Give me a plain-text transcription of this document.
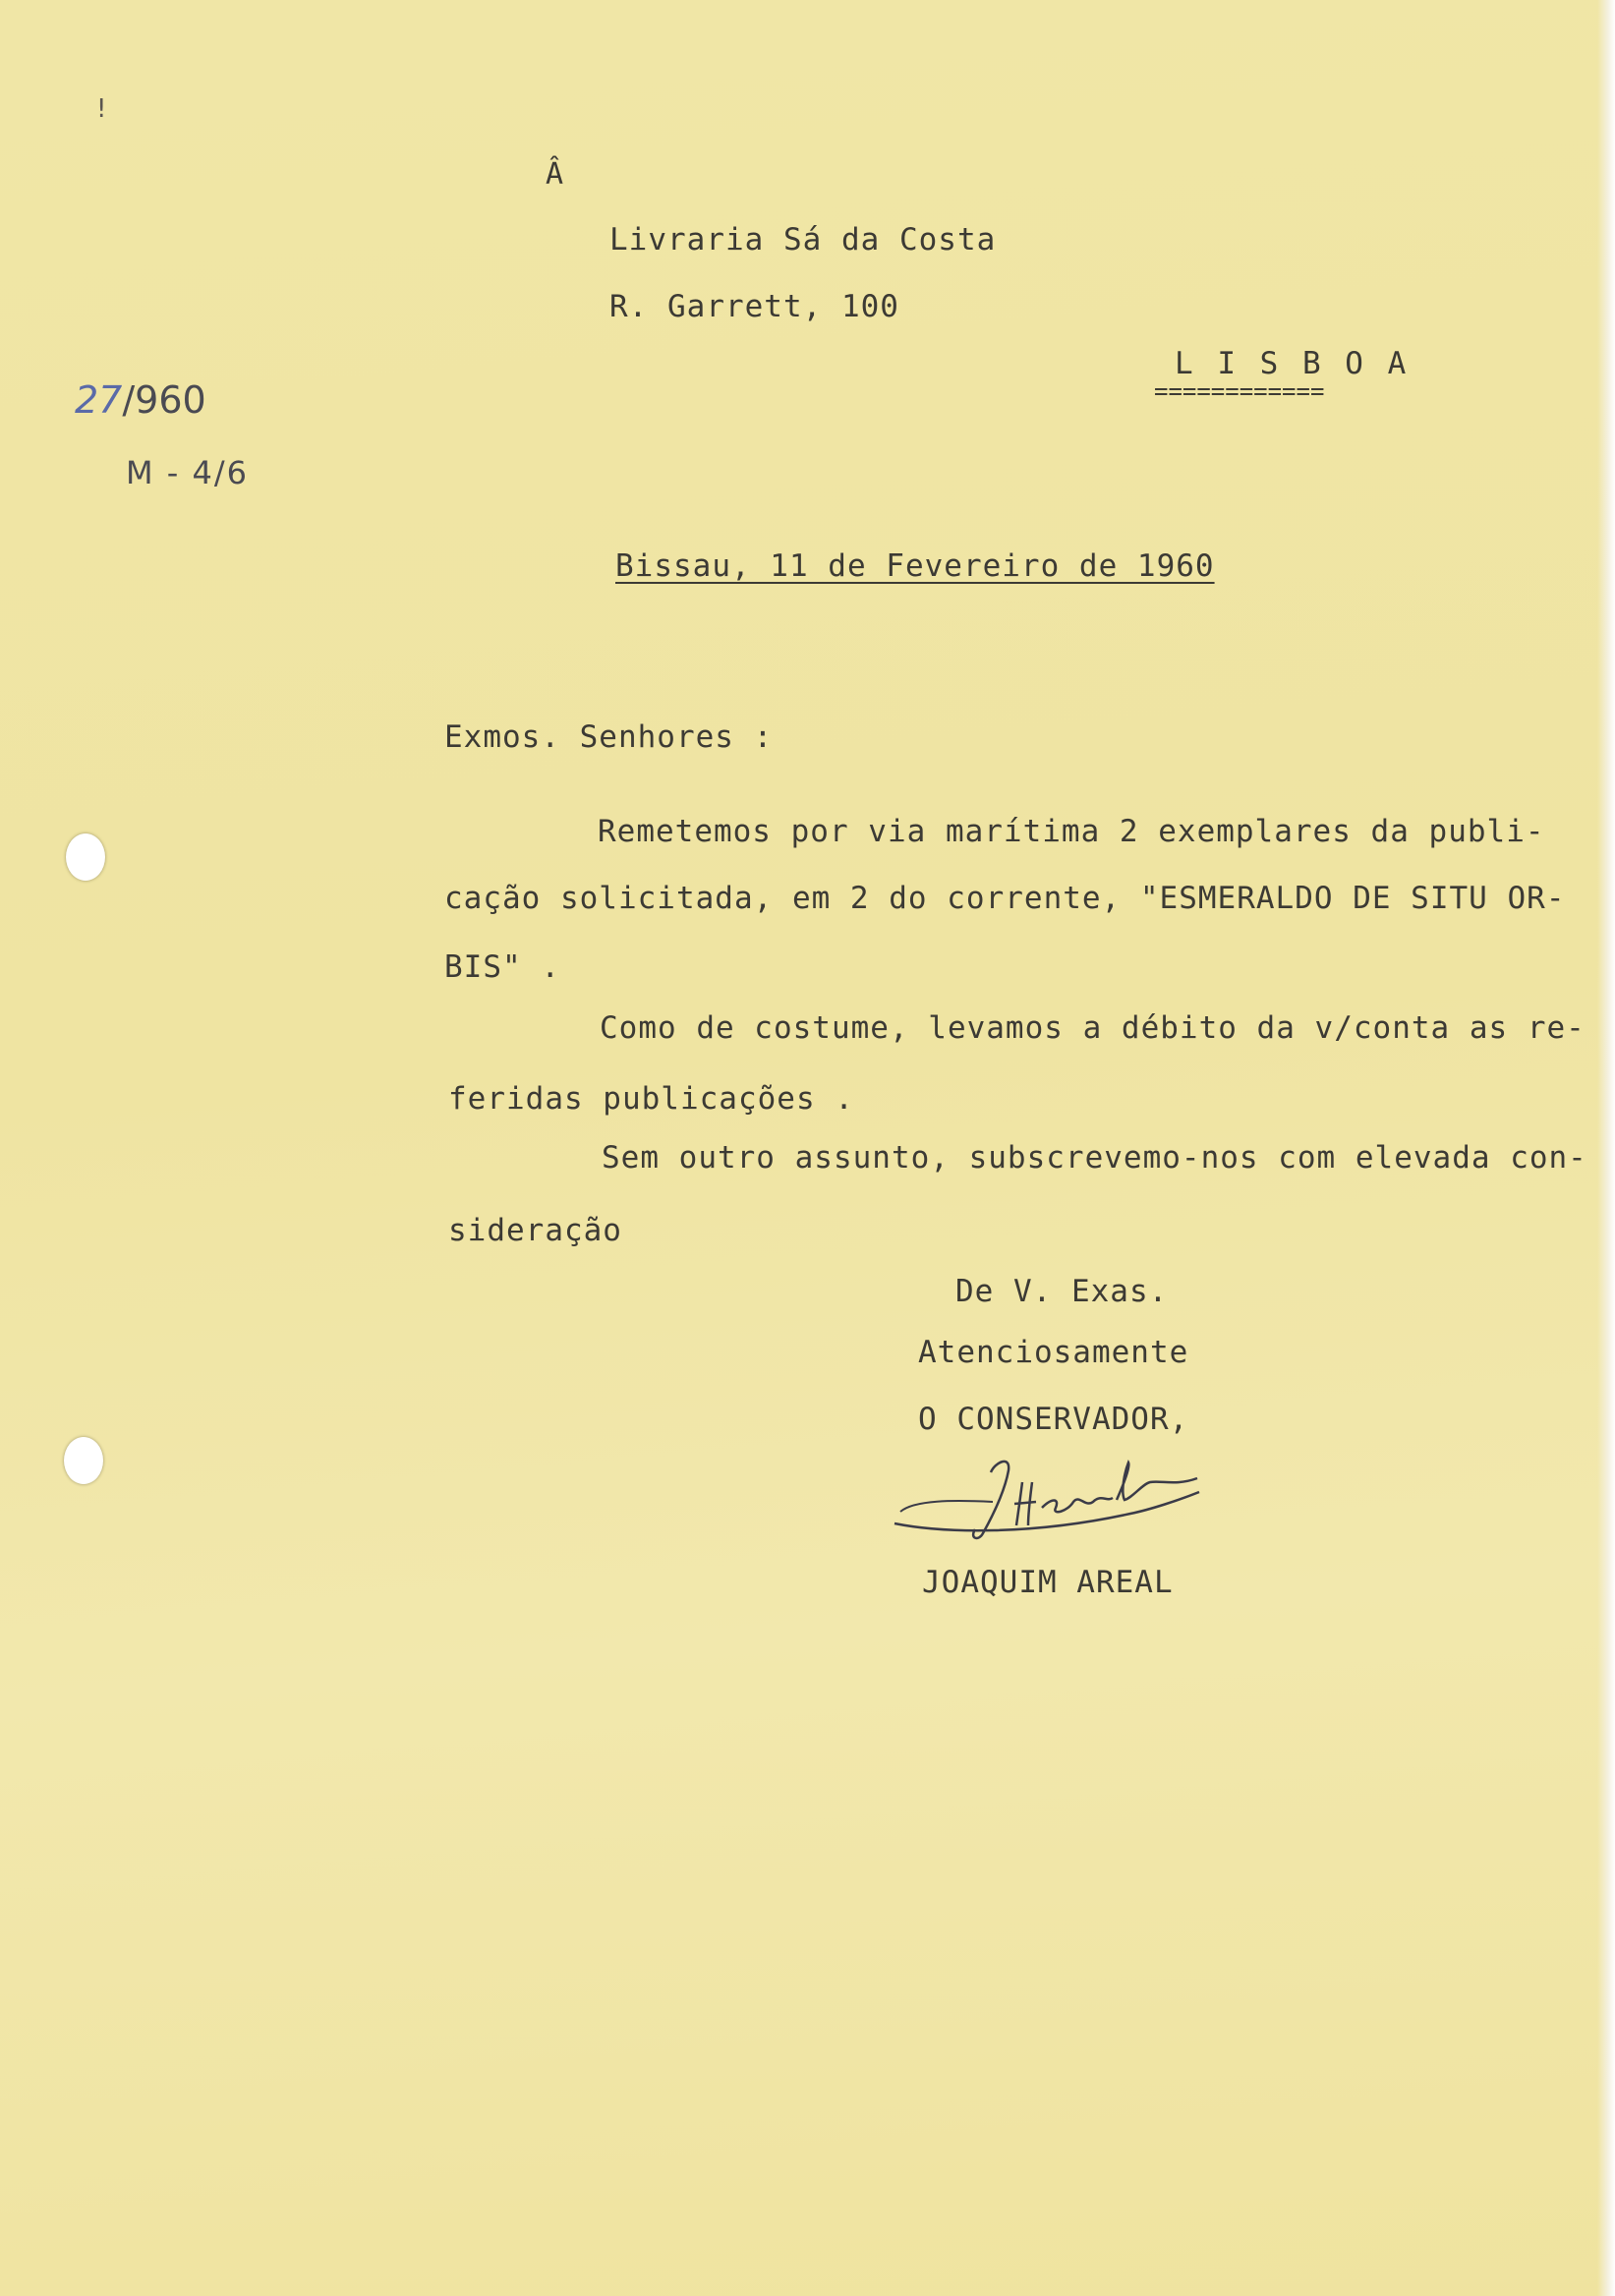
!
27/960
M - 4/6
Â
Livraria Sá da Costa
R. Garrett, 100
L I S B O A
============
Bissau, 11 de Fevereiro de 1960
Exmos. Senhores :
Remetemos por via marítima 2 exemplares da publi-
cação solicitada, em 2 do corrente, "ESMERALDO DE SITU OR-
BIS" .
Como de costume, levamos a débito da v/conta as re-
feridas publicações .
Sem outro assunto, subscrevemo-nos com elevada con-
sideração
De V. Exas.
Atenciosamente
O CONSERVADOR,
JOAQUIM AREAL
